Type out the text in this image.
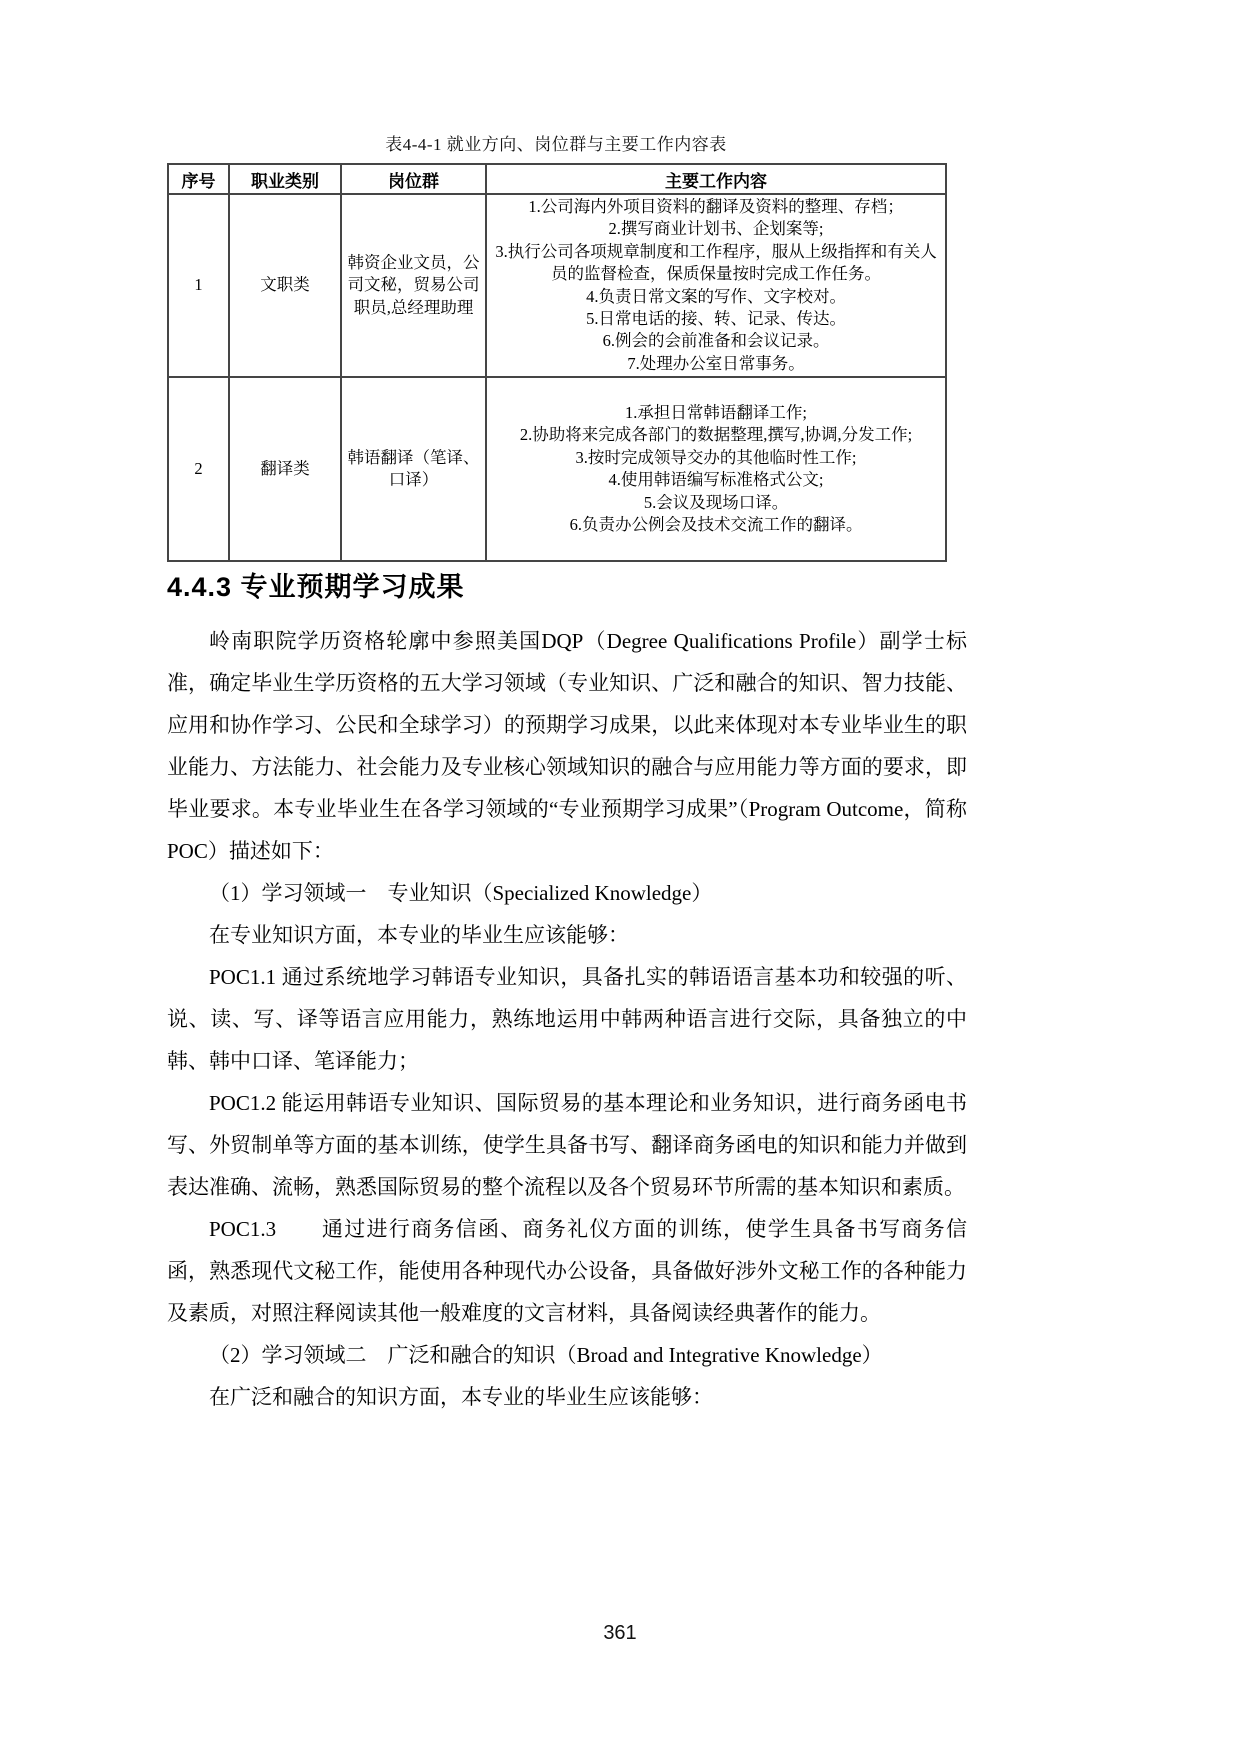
表4-4-1 就业方向、岗位群与主要工作内容表
序号	职业类别	岗位群	主要工作内容
1	文职类	韩资企业文员，公司文秘，贸易公司职员,总经理助理	
1.公司海内外项目资料的翻译及资料的整理、存档；
2.撰写商业计划书、企划案等;
3.执行公司各项规章制度和工作程序，服从上级指挥和有关人员的监督检查，保质保量按时完成工作任务。
4.负责日常文案的写作、文字校对。
5.日常电话的接、转、记录、传达。
6.例会的会前准备和会议记录。
7.处理办公室日常事务。

2	翻译类	韩语翻译（笔译、口译）	
1.承担日常韩语翻译工作;
2.协助将来完成各部门的数据整理,撰写,协调,分发工作;
3.按时完成领导交办的其他临时性工作;
4.使用韩语编写标准格式公文;
5.会议及现场口译。
6.负责办公例会及技术交流工作的翻译。
4.4.3 专业预期学习成果

岭南职院学历资格轮廓中参照美国DQP（Degree Qualifications Profile）副学士标准，确定毕业生学历资格的五大学习领域（专业知识、广泛和融合的知识、智力技能、应用和协作学习、公民和全球学习）的预期学习成果，以此来体现对本专业毕业生的职业能力、方法能力、社会能力及专业核心领域知识的融合与应用能力等方面的要求，即毕业要求。本专业毕业生在各学习领域的“专业预期学习成果”（Program Outcome，简称POC）描述如下：

（1）学习领域一　专业知识（Specialized Knowledge）

在专业知识方面，本专业的毕业生应该能够：

POC1.1 通过系统地学习韩语专业知识，具备扎实的韩语语言基本功和较强的听、说、读、写、译等语言应用能力，熟练地运用中韩两种语言进行交际，具备独立的中韩、韩中口译、笔译能力；

POC1.2 能运用韩语专业知识、国际贸易的基本理论和业务知识，进行商务函电书写、外贸制单等方面的基本训练，使学生具备书写、翻译商务函电的知识和能力并做到表达准确、流畅，熟悉国际贸易的整个流程以及各个贸易环节所需的基本知识和素质。

POC1.3　　通过进行商务信函、商务礼仪方面的训练，使学生具备书写商务信函，熟悉现代文秘工作，能使用各种现代办公设备，具备做好涉外文秘工作的各种能力及素质，对照注释阅读其他一般难度的文言材料，具备阅读经典著作的能力。

（2）学习领域二　广泛和融合的知识（Broad and Integrative Knowledge）

在广泛和融合的知识方面，本专业的毕业生应该能够：

361
